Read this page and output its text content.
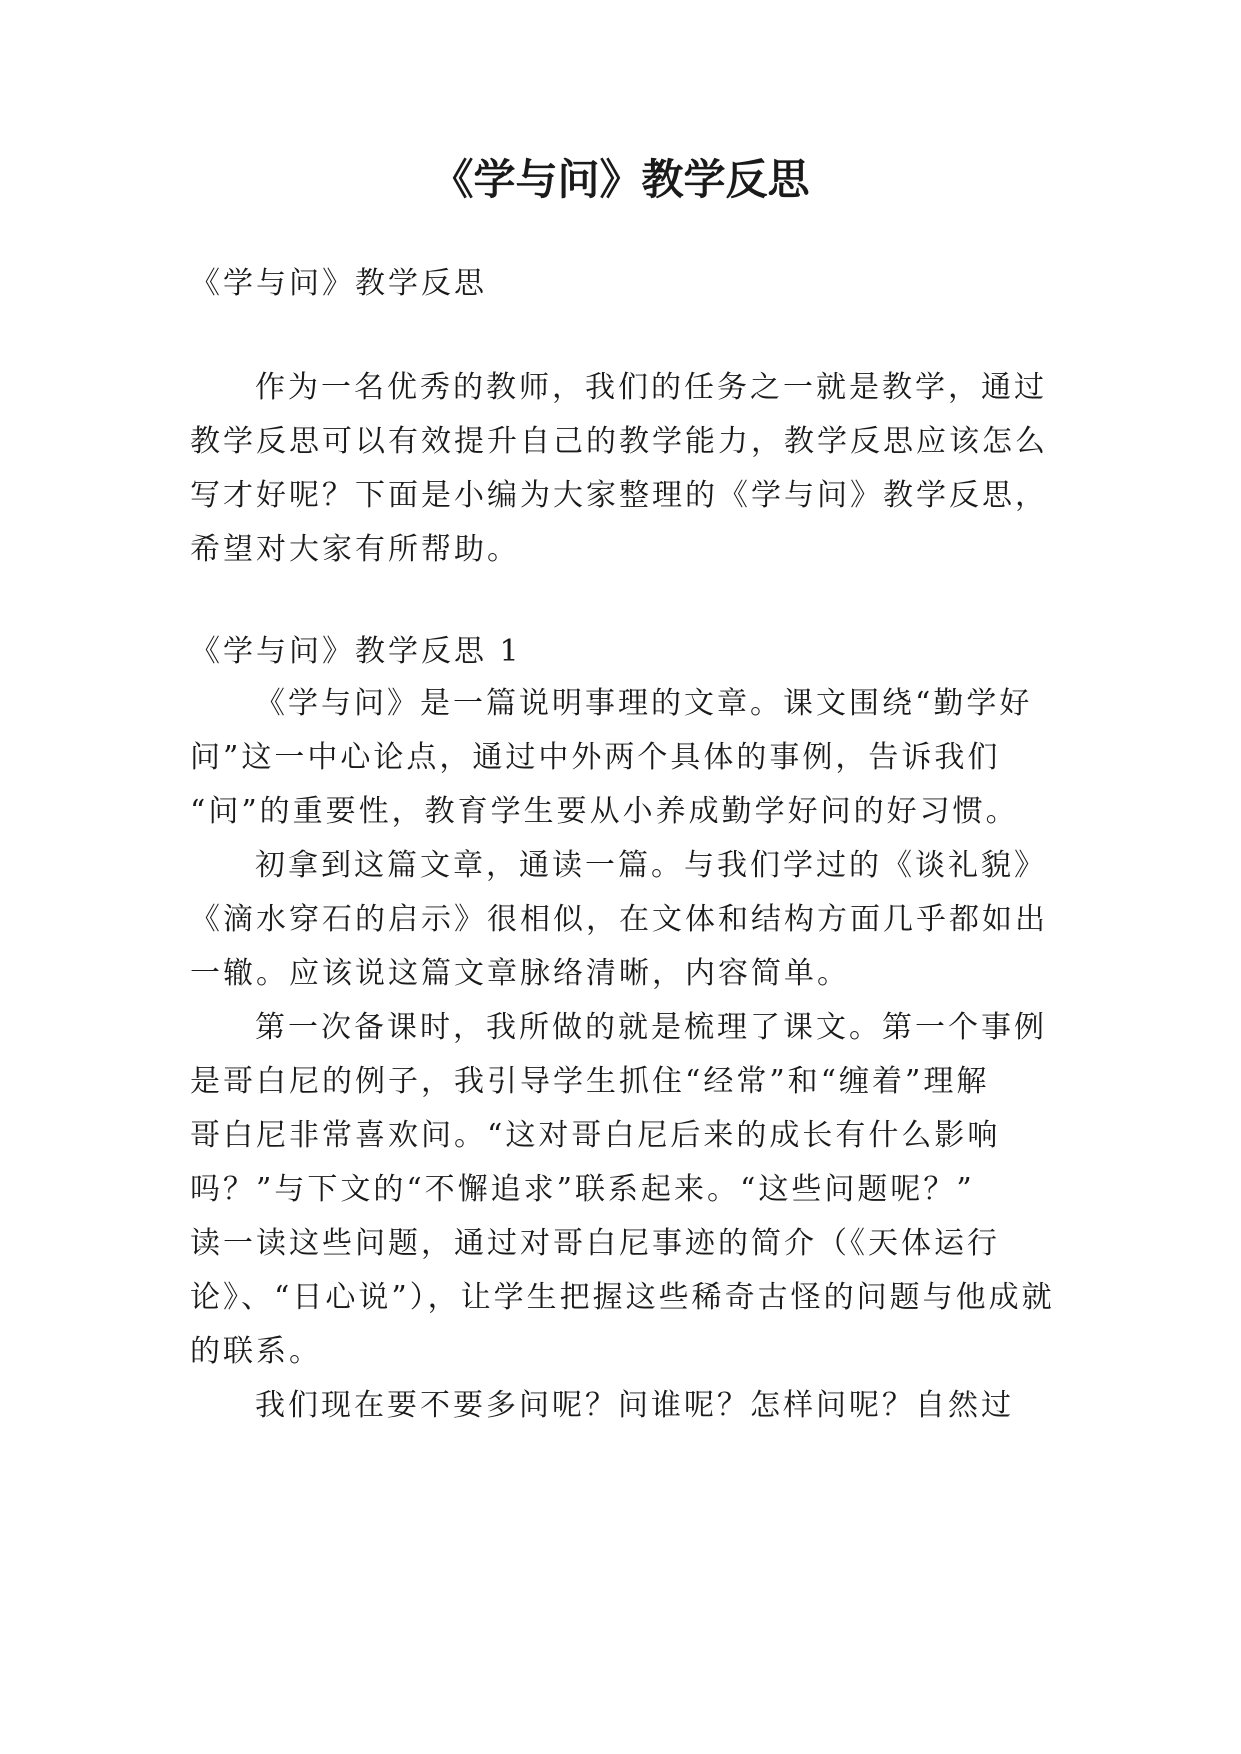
《学与问》教学反思

《学与问》教学反思

作为一名优秀的教师，我们的任务之一就是教学，通过

教学反思可以有效提升自己的教学能力，教学反思应该怎么

写才好呢？下面是小编为大家整理的《学与问》教学反思，

希望对大家有所帮助。

《学与问》教学反思 1

《学与问》是一篇说明事理的文章。课文围绕“勤学好

问”这一中心论点，通过中外两个具体的事例，告诉我们

“问”的重要性，教育学生要从小养成勤学好问的好习惯。

初拿到这篇文章，通读一篇。与我们学过的《谈礼貌》

《滴水穿石的启示》很相似，在文体和结构方面几乎都如出

一辙。应该说这篇文章脉络清晰，内容简单。

第一次备课时，我所做的就是梳理了课文。第一个事例

是哥白尼的例子，我引导学生抓住“经常”和“缠着”理解

哥白尼非常喜欢问。“这对哥白尼后来的成长有什么影响

吗？”与下文的“不懈追求”联系起来。“这些问题呢？”

读一读这些问题，通过对哥白尼事迹的简介（《天体运行

论》、“日心说”），让学生把握这些稀奇古怪的问题与他成就

的联系。

我们现在要不要多问呢？问谁呢？怎样问呢？自然过
